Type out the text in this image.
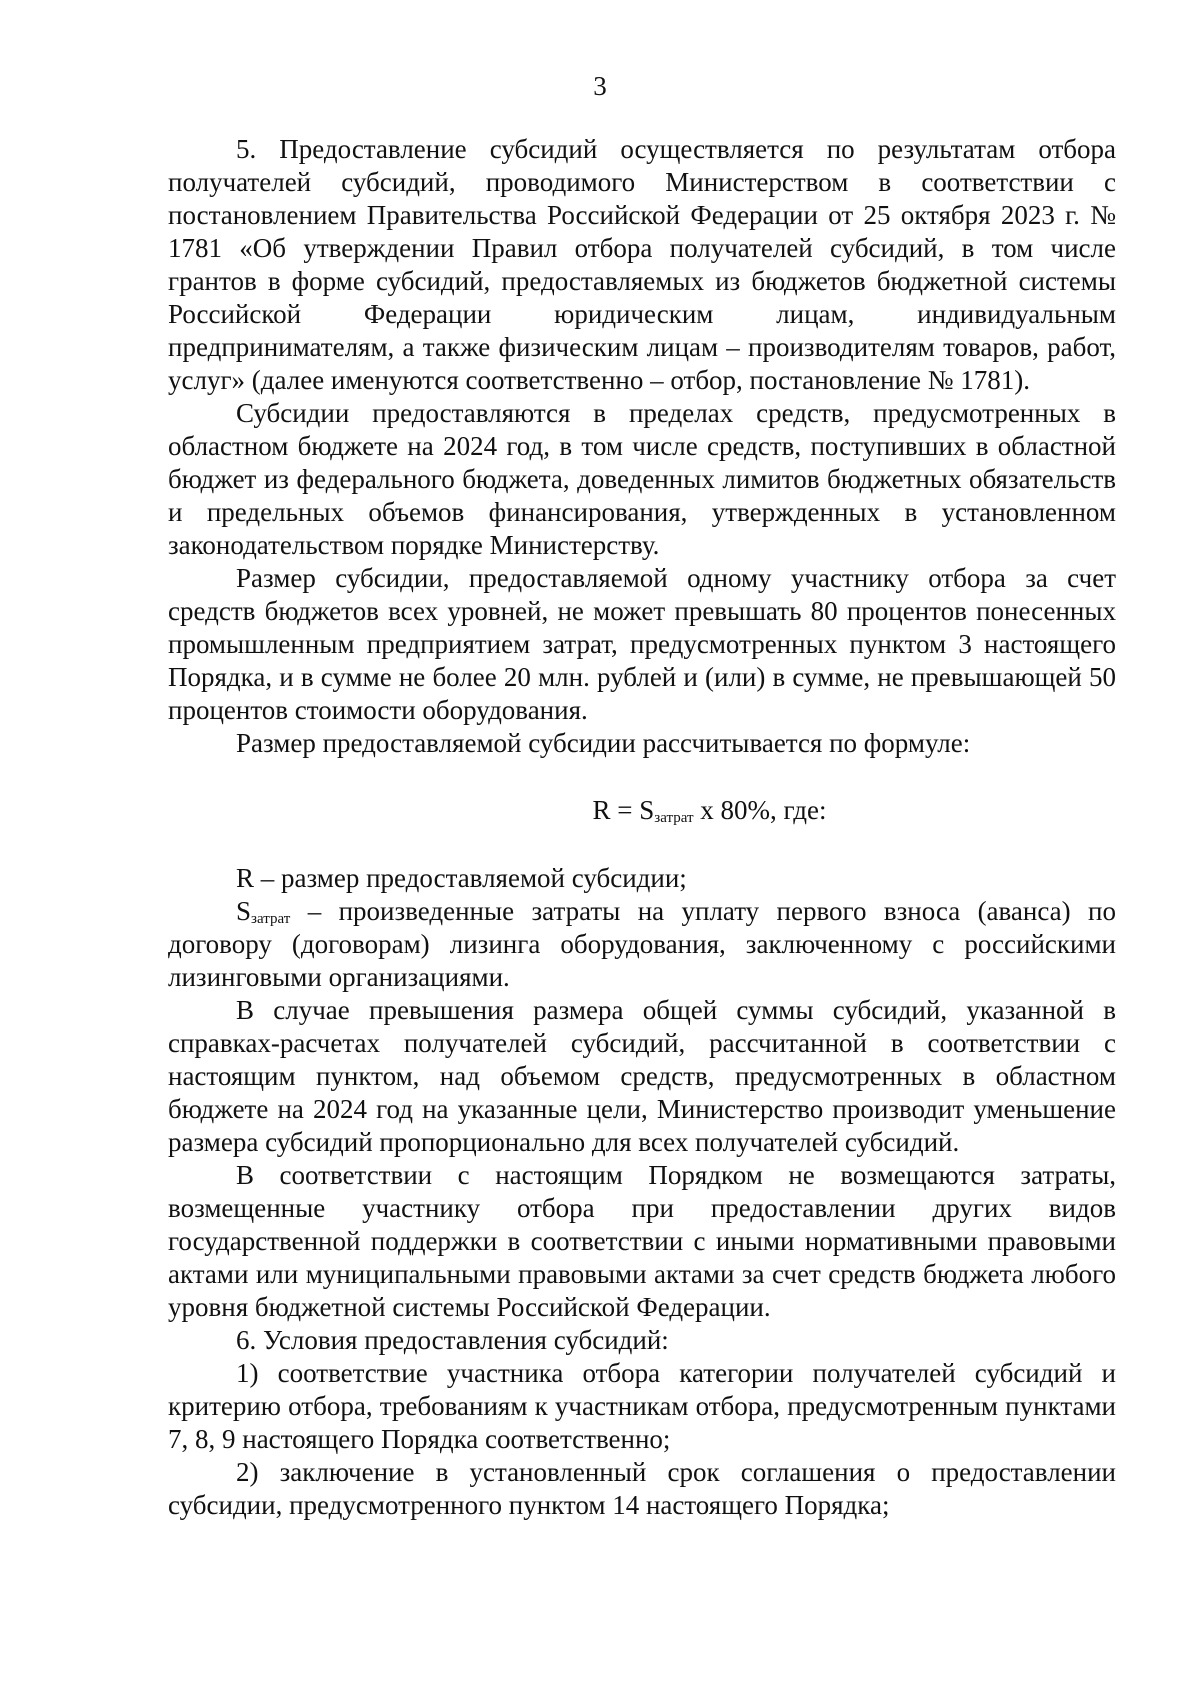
3

5. Предоставление субсидий осуществляется по результатам отбора получателей субсидий, проводимого Министерством в соответствии с постановлением Правительства Российской Федерации от 25 октября 2023 г. № 1781 «Об утверждении Правил отбора получателей субсидий, в том числе грантов в форме субсидий, предоставляемых из бюджетов бюджетной системы Российской Федерации юридическим лицам, индивидуальным предпринимателям, а также физическим лицам – производителям товаров, работ, услуг» (далее именуются соответственно – отбор, постановление № 1781).

Субсидии предоставляются в пределах средств, предусмотренных в областном бюджете на 2024 год, в том числе средств, поступивших в областной бюджет из федерального бюджета, доведенных лимитов бюджетных обязательств и предельных объемов финансирования, утвержденных в установленном законодательством порядке Министерству.

Размер субсидии, предоставляемой одному участнику отбора за счет средств бюджетов всех уровней, не может превышать 80 процентов понесенных промышленным предприятием затрат, предусмотренных пунктом 3 настоящего Порядка, и в сумме не более 20 млн. рублей и (или) в сумме, не превышающей 50 процентов стоимости оборудования.

Размер предоставляемой субсидии рассчитывается по формуле:

$R = S_{затрат}$ х 80%, где:

R – размер предоставляемой субсидии;

$S_{затрат}$ – произведенные затраты на уплату первого взноса (аванса) по договору (договорам) лизинга оборудования, заключенному с российскими лизинговыми организациями.

В случае превышения размера общей суммы субсидий, указанной в справках-расчетах получателей субсидий, рассчитанной в соответствии с настоящим пунктом, над объемом средств, предусмотренных в областном бюджете на 2024 год на указанные цели, Министерство производит уменьшение размера субсидий пропорционально для всех получателей субсидий.

В соответствии с настоящим Порядком не возмещаются затраты, возмещенные участнику отбора при предоставлении других видов государственной поддержки в соответствии с иными нормативными правовыми актами или муниципальными правовыми актами за счет средств бюджета любого уровня бюджетной системы Российской Федерации.

6. Условия предоставления субсидий:

1) соответствие участника отбора категории получателей субсидий и критерию отбора, требованиям к участникам отбора, предусмотренным пунктами 7, 8, 9 настоящего Порядка соответственно;

2) заключение в установленный срок соглашения о предоставлении субсидии, предусмотренного пунктом 14 настоящего Порядка;
